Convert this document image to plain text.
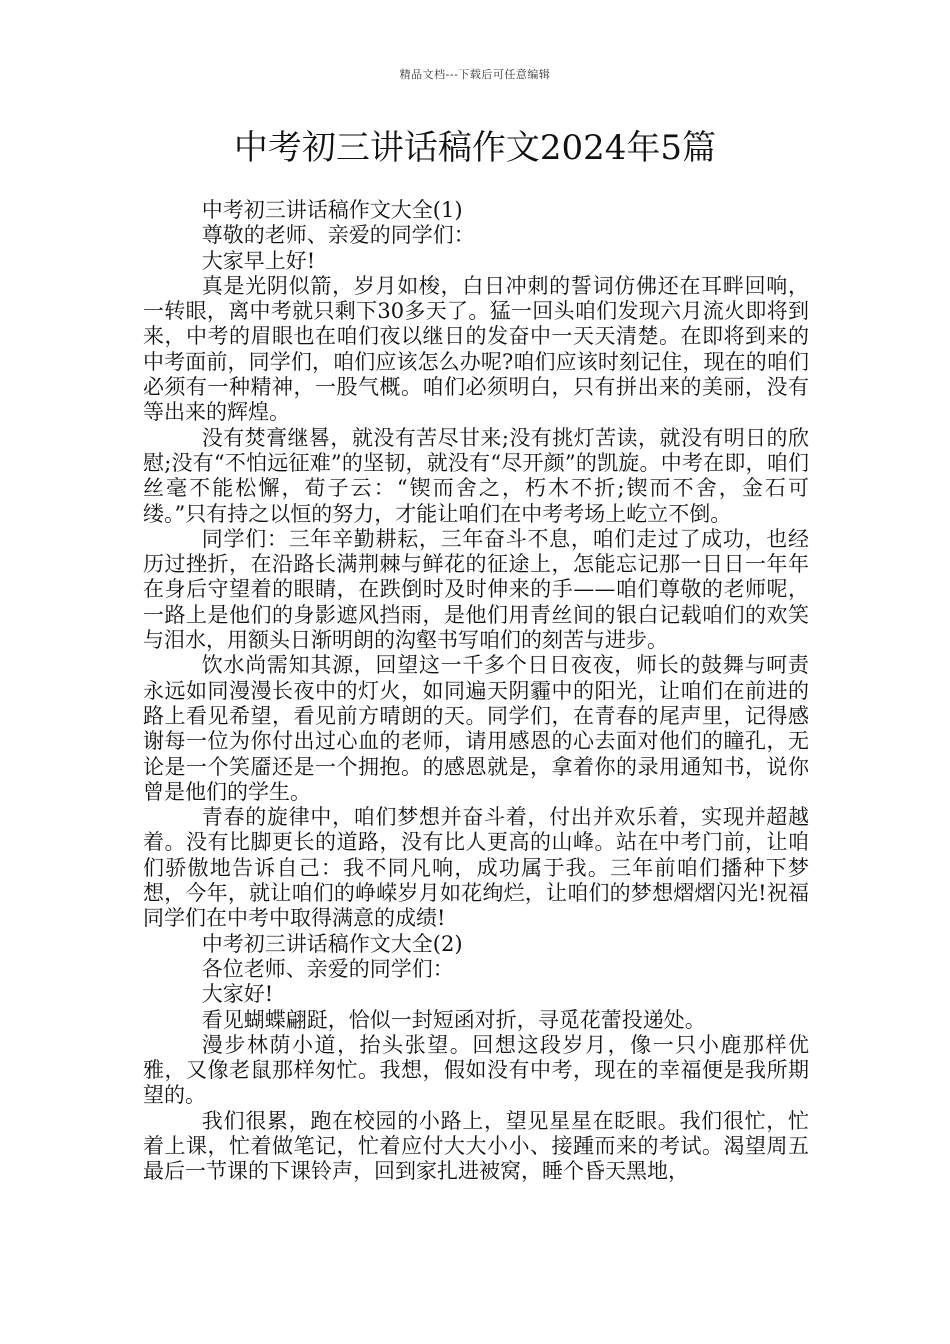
精品文档---下载后可任意编辑
中考初三讲话稿作文2024年5篇

中考初三讲话稿作文大全(1)

尊敬的老师、亲爱的同学们：

大家早上好!

真是光阴似箭，岁月如梭，白日冲刺的誓词仿佛还在耳畔回响，一转眼，离中考就只剩下30多天了。猛一回头咱们发现六月流火即将到来，中考的眉眼也在咱们夜以继日的发奋中一天天清楚。在即将到来的中考面前，同学们，咱们应该怎么办呢?咱们应该时刻记住，现在的咱们必须有一种精神，一股气概。咱们必须明白，只有拼出来的美丽，没有等出来的辉煌。

没有焚膏继晷，就没有苦尽甘来;没有挑灯苦读，就没有明日的欣慰;没有“不怕远征难”的坚韧，就没有“尽开颜”的凯旋。中考在即，咱们丝毫不能松懈，荀子云：“锲而舍之，朽木不折;锲而不舍，金石可缕。”只有持之以恒的努力，才能让咱们在中考考场上屹立不倒。

同学们：三年辛勤耕耘，三年奋斗不息，咱们走过了成功，也经历过挫折，在沿路长满荆棘与鲜花的征途上，怎能忘记那一日日一年年在身后守望着的眼睛，在跌倒时及时伸来的手——咱们尊敬的老师呢，一路上是他们的身影遮风挡雨，是他们用青丝间的银白记载咱们的欢笑与泪水，用额头日渐明朗的沟壑书写咱们的刻苦与进步。

饮水尚需知其源，回望这一千多个日日夜夜，师长的鼓舞与呵责永远如同漫漫长夜中的灯火，如同遍天阴霾中的阳光，让咱们在前进的路上看见希望，看见前方晴朗的天。同学们，在青春的尾声里，记得感谢每一位为你付出过心血的老师，请用感恩的心去面对他们的瞳孔，无论是一个笑靥还是一个拥抱。的感恩就是，拿着你的录用通知书，说你曾是他们的学生。

青春的旋律中，咱们梦想并奋斗着，付出并欢乐着，实现并超越着。没有比脚更长的道路，没有比人更高的山峰。站在中考门前，让咱们骄傲地告诉自己：我不同凡响，成功属于我。三年前咱们播种下梦想，今年，就让咱们的峥嵘岁月如花绚烂，让咱们的梦想熠熠闪光!祝福同学们在中考中取得满意的成绩!

中考初三讲话稿作文大全(2)

各位老师、亲爱的同学们：

大家好!

看见蝴蝶翩跹，恰似一封短函对折，寻觅花蕾投递处。

漫步林荫小道，抬头张望。回想这段岁月，像一只小鹿那样优雅，又像老鼠那样匆忙。我想，假如没有中考，现在的幸福便是我所期望的。

我们很累，跑在校园的小路上，望见星星在眨眼。我们很忙，忙着上课，忙着做笔记，忙着应付大大小小、接踵而来的考试。渴望周五最后一节课的下课铃声，回到家扎进被窝，睡个昏天黑地，
